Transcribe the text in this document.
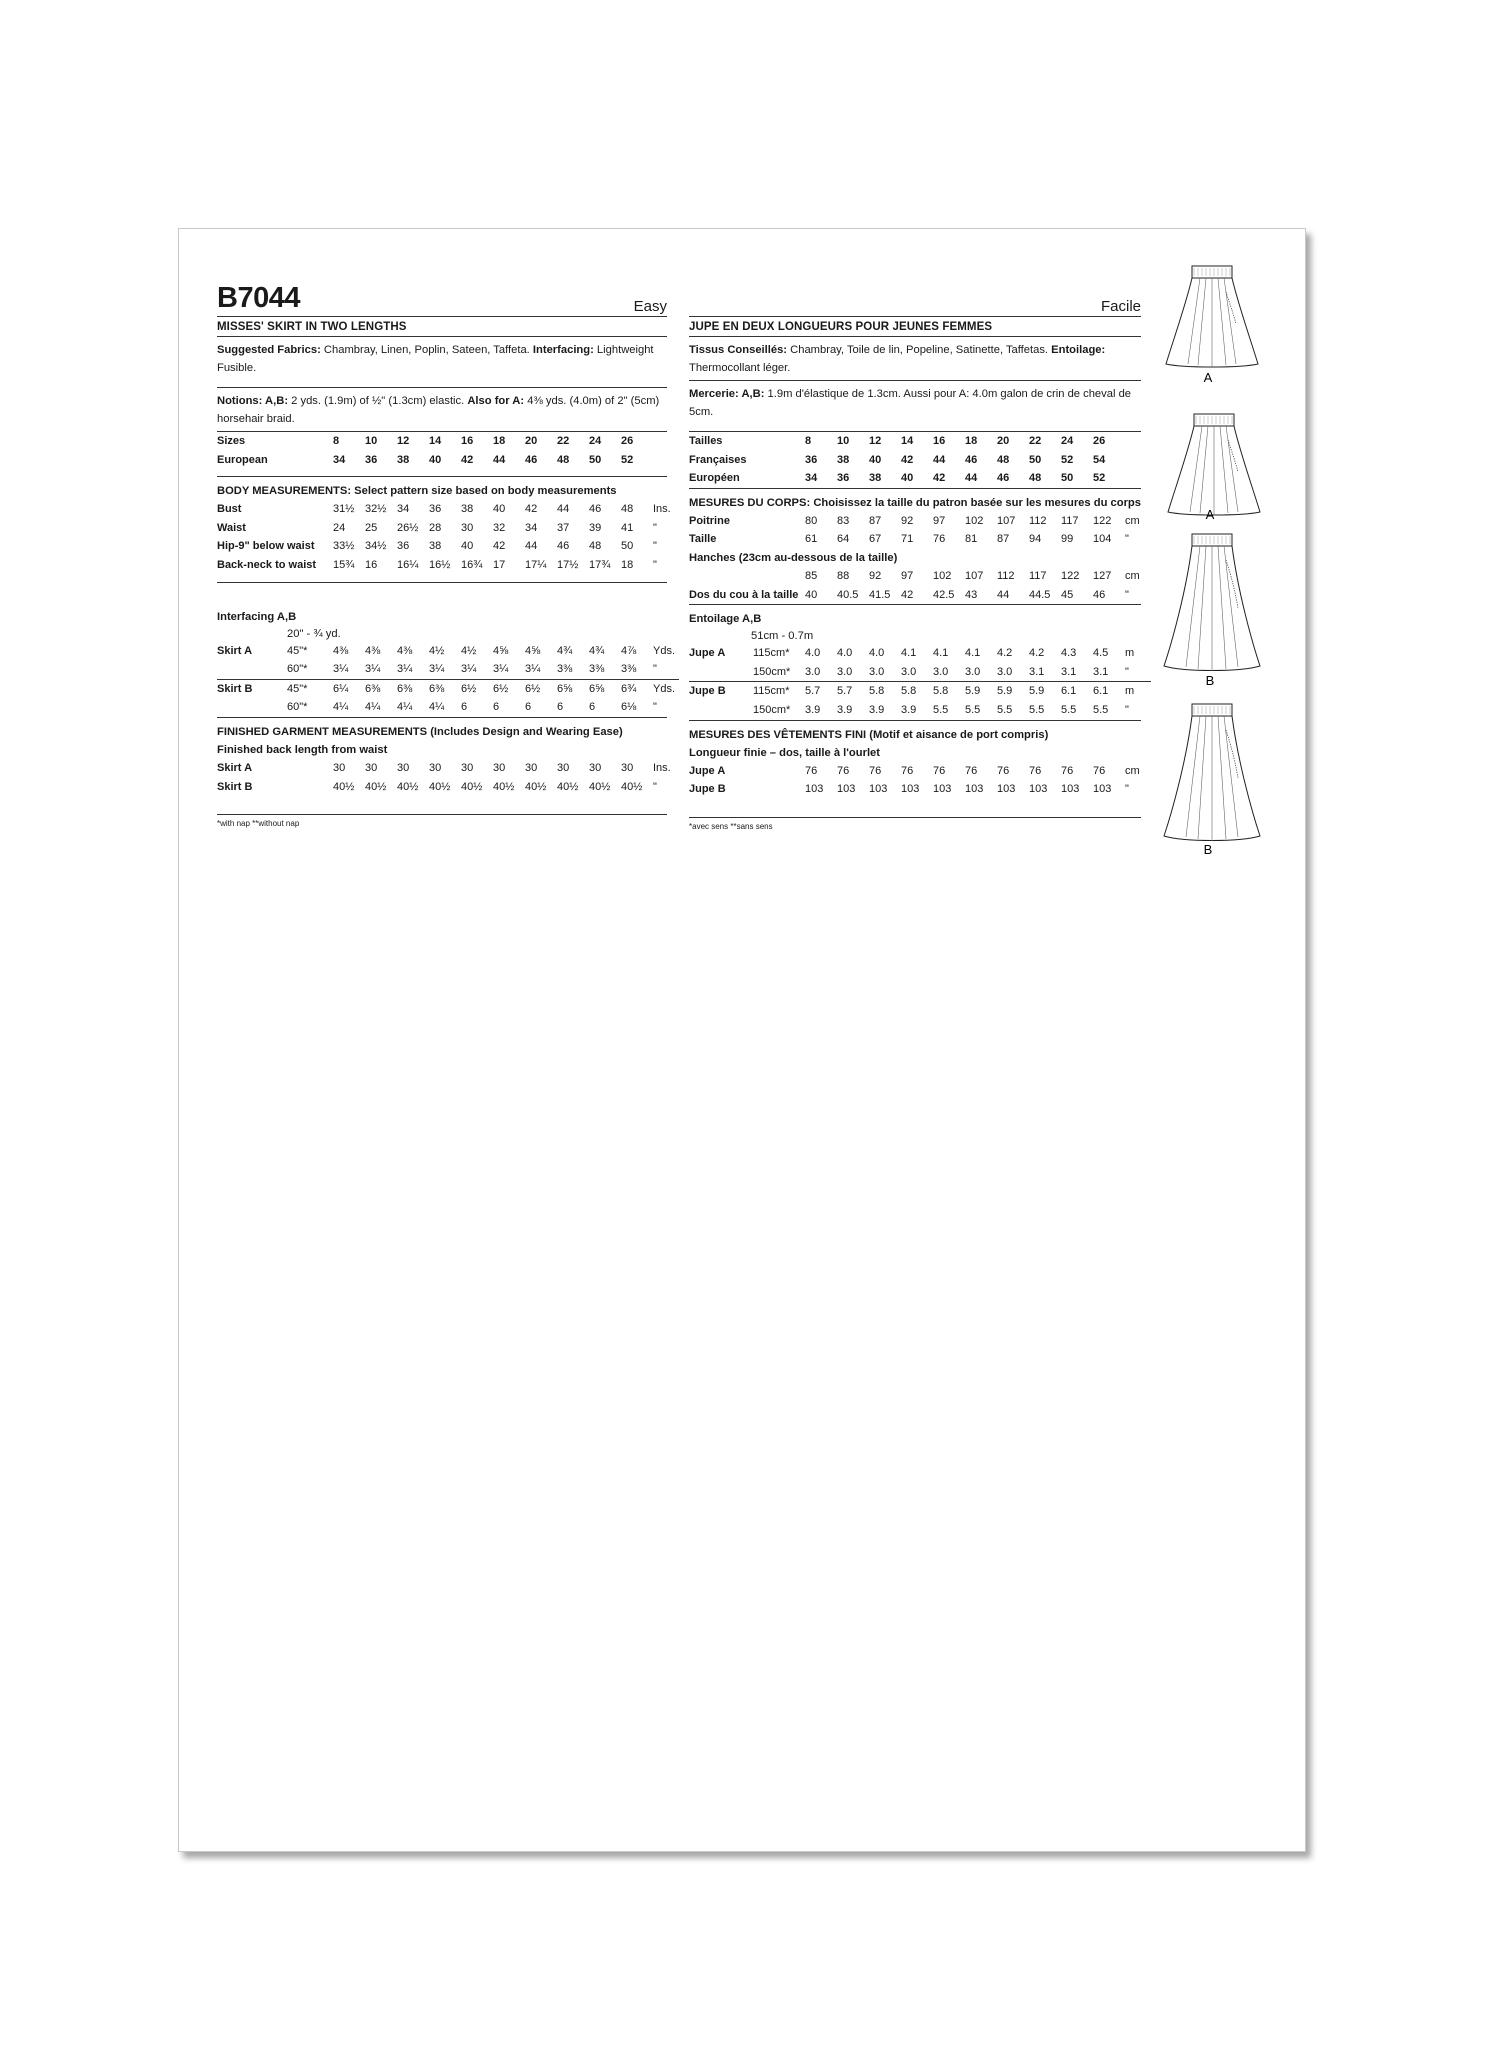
B7044	Easy
MISSES' SKIRT IN TWO LENGTHS
Suggested Fabrics: Chambray, Linen, Poplin, Sateen, Taffeta. Interfacing: Lightweight Fusible.
Notions: A,B: 2 yds. (1.9m) of ½" (1.3cm) elastic. Also for A: 4⅜ yds. (4.0m) of 2" (5cm) horsehair braid.
Sizes	8	10	12	14	16	18	20	22	24	26	
European	34	36	38	40	42	44	46	48	50	52	
BODY MEASUREMENTS: Select pattern size based on body measurements
Bust	31½	32½	34	36	38	40	42	44	46	48	Ins.
Waist	24	25	26½	28	30	32	34	37	39	41	"
Hip-9" below waist	33½	34½	36	38	40	42	44	46	48	50	"
Back-neck to waist	15¾	16	16¼	16½	16¾	17	17¼	17½	17¾	18	"
Interfacing A,B
20" - ¾ yd.
Skirt A	45"*	4⅜	4⅜	4⅜	4½	4½	4⅝	4⅝	4¾	4¾	4⅞	Yds.
	60"*	3¼	3¼	3¼	3¼	3¼	3¼	3¼	3⅜	3⅜	3⅜	"
Skirt B	45"*	6¼	6⅜	6⅜	6⅜	6½	6½	6½	6⅝	6⅝	6¾	Yds.
	60"*	4¼	4¼	4¼	4¼	6	6	6	6	6	6⅛	"
FINISHED GARMENT MEASUREMENTS (Includes Design and Wearing Ease)
Finished back length from waist
Skirt A	30	30	30	30	30	30	30	30	30	30	Ins.
Skirt B	40½	40½	40½	40½	40½	40½	40½	40½	40½	40½	"
*with nap **without nap
Facile
JUPE EN DEUX LONGUEURS POUR JEUNES FEMMES
Tissus Conseillés: Chambray, Toile de lin, Popeline, Satinette, Taffetas. Entoilage: Thermocollant léger.
Mercerie: A,B: 1.9m d'élastique de 1.3cm. Aussi pour A: 4.0m galon de crin de cheval de 5cm.
Tailles	8	10	12	14	16	18	20	22	24	26	
Françaises	36	38	40	42	44	46	48	50	52	54	
Européen	34	36	38	40	42	44	46	48	50	52	
MESURES DU CORPS: Choisissez la taille du patron basée sur les mesures du corps
Poitrine	80	83	87	92	97	102	107	112	117	122	cm
Taille	61	64	67	71	76	81	87	94	99	104	"
Hanches (23cm au-dessous de la taille)
	85	88	92	97	102	107	112	117	122	127	cm
Dos du cou à la taille	40	40.5	41.5	42	42.5	43	44	44.5	45	46	"
Entoilage A,B
51cm - 0.7m
Jupe A	115cm*	4.0	4.0	4.0	4.1	4.1	4.1	4.2	4.2	4.3	4.5	m
	150cm*	3.0	3.0	3.0	3.0	3.0	3.0	3.0	3.1	3.1	3.1	"
Jupe B	115cm*	5.7	5.7	5.8	5.8	5.8	5.9	5.9	5.9	6.1	6.1	m
	150cm*	3.9	3.9	3.9	3.9	5.5	5.5	5.5	5.5	5.5	5.5	"
MESURES DES VÊTEMENTS FINI (Motif et aisance de port compris)
Longueur finie – dos, taille à l'ourlet
Jupe A	76	76	76	76	76	76	76	76	76	76	cm
Jupe B	103	103	103	103	103	103	103	103	103	103	"
*avec sens **sans sens
A
A
B
B
